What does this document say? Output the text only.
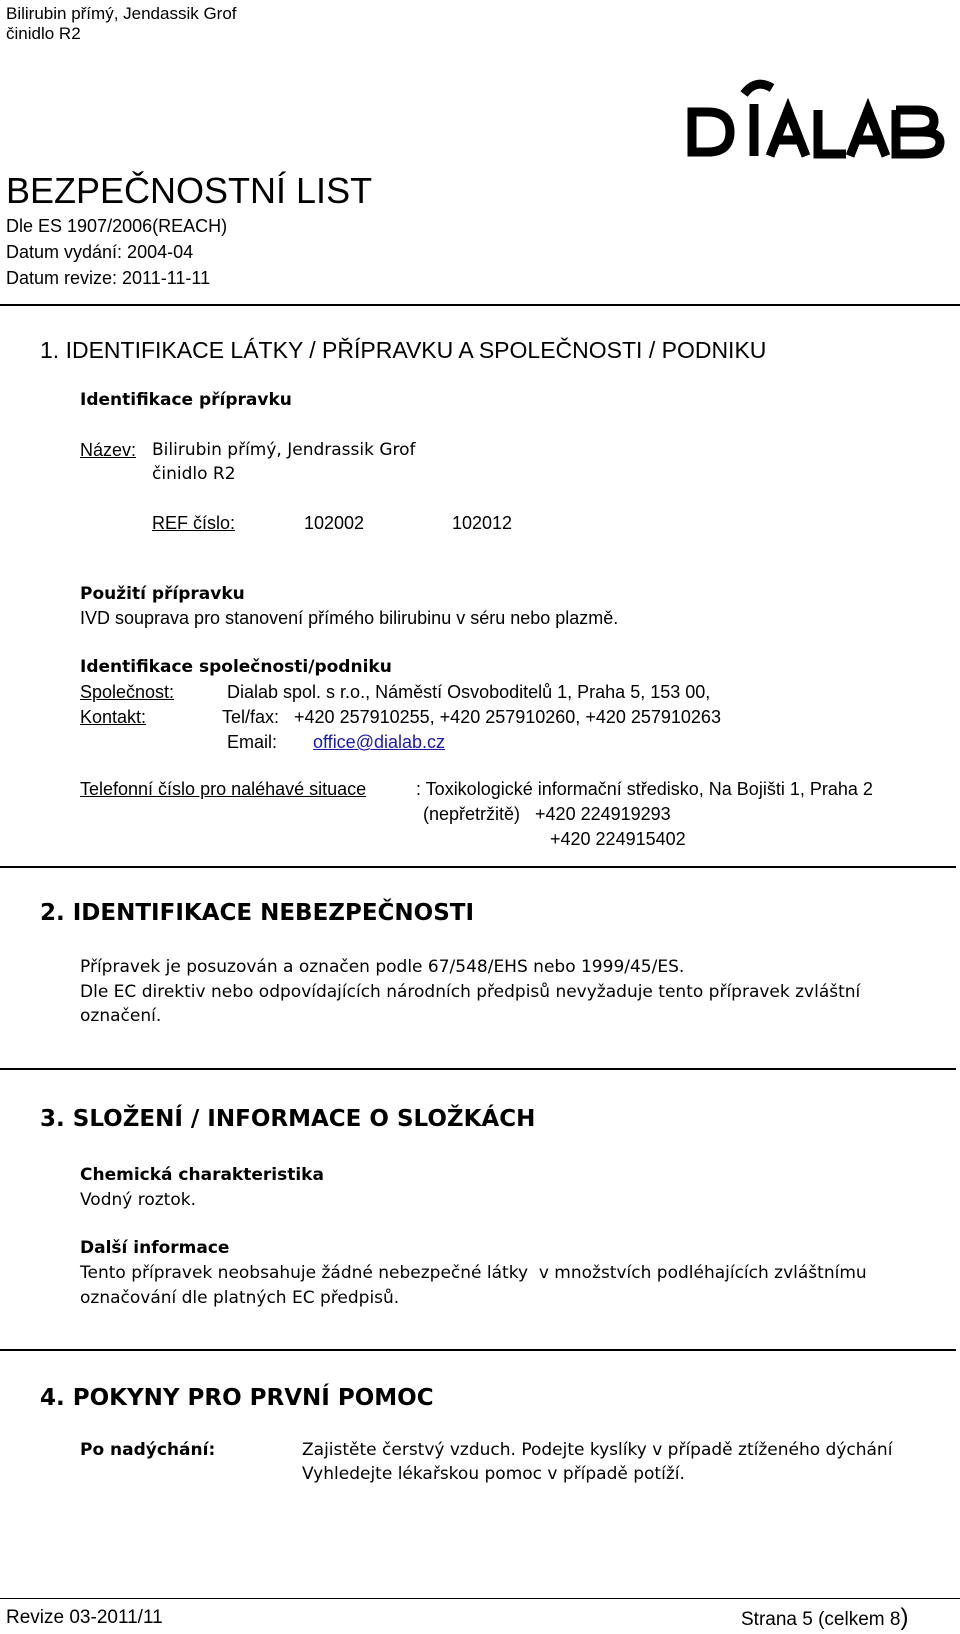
Bilirubin přímý, Jendassik Grof
činidlo R2
DIALAB
BEZPEČNOSTNÍ LIST
Dle ES 1907/2006(REACH)
Datum vydání: 2004-04
Datum revize: 2011-11-11
1. IDENTIFIKACE LÁTKY / PŘÍPRAVKU A SPOLEČNOSTI / PODNIKU
Identifikace přípravku
Název: Bilirubin přímý, Jendrassik Grof
činidlo R2
REF číslo:	102002	102012
Použití přípravku
IVD souprava pro stanovení přímého bilirubinu v séru nebo plazmě.
Identifikace společnosti/podniku
Společnost:	Dialab spol. s r.o., Náměstí Osvoboditelů 1, Praha 5, 153 00,
Kontakt:	Tel/fax:   +420 257910255, +420 257910260, +420 257910263
Email: office@dialab.cz
Telefonní číslo pro naléhavé situace	: Toxikologické informační středisko, Na Bojišti 1, Praha 2
(nepřetržitě)   +420 224919293
+420 224915402
2. IDENTIFIKACE NEBEZPEČNOSTI
Přípravek je posuzován a označen podle 67/548/EHS nebo 1999/45/ES.
Dle EC direktiv nebo odpovídajících národních předpisů nevyžaduje tento přípravek zvláštní
označení.
3. SLOŽENÍ / INFORMACE O SLOŽKÁCH
Chemická charakteristika
Vodný roztok.
Další informace
Tento přípravek neobsahuje žádné nebezpečné látky  v množstvích podléhajících zvláštnímu
označování dle platných EC předpisů.
4. POKYNY PRO PRVNÍ POMOC
Po nadýchání:	Zajistěte čerstvý vzduch. Podejte kyslíky v případě ztíženého dýchání
Vyhledejte lékařskou pomoc v případě potíží.
Revize 03-2011/11	Strana 5 (celkem 8)
